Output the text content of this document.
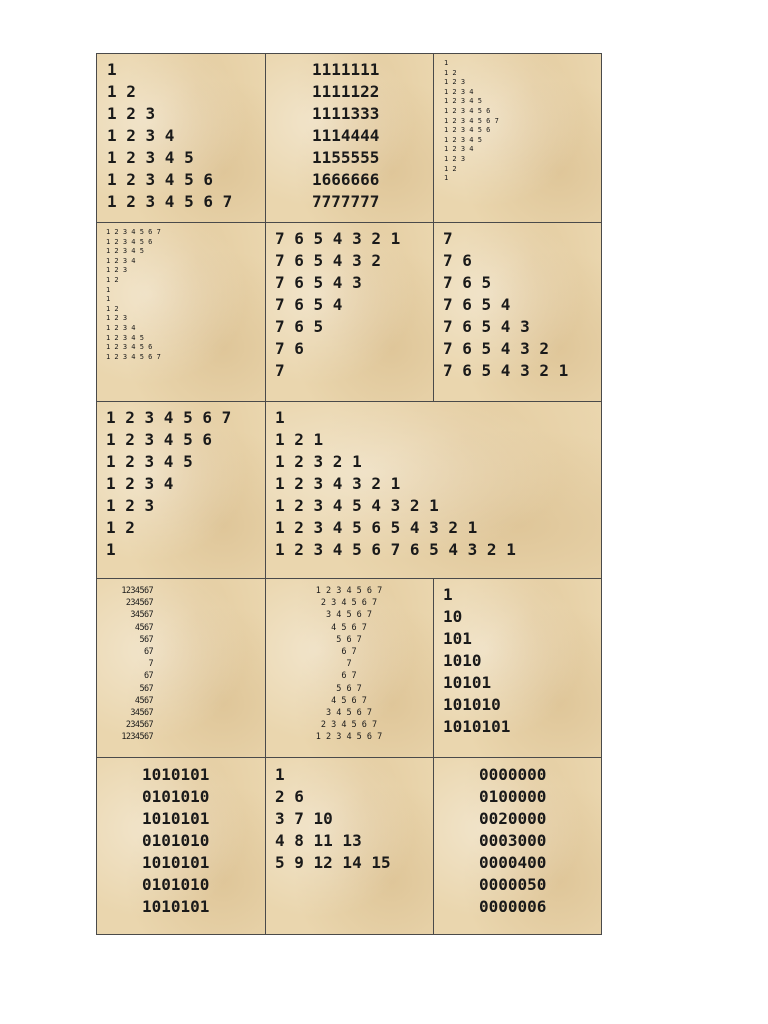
1
1 2
1 2 3
1 2 3 4
1 2 3 4 5
1 2 3 4 5 6
1 2 3 4 5 6 7
1111111
1111122
1111333
1114444
1155555
1666666
7777777
1
1 2
1 2 3
1 2 3 4
1 2 3 4 5
1 2 3 4 5 6
1 2 3 4 5 6 7
1 2 3 4 5 6
1 2 3 4 5
1 2 3 4
1 2 3
1 2
1
1 2 3 4 5 6 7
1 2 3 4 5 6
1 2 3 4 5
1 2 3 4
1 2 3
1 2
1
1
1 2
1 2 3
1 2 3 4
1 2 3 4 5
1 2 3 4 5 6
1 2 3 4 5 6 7
7 6 5 4 3 2 1
7 6 5 4 3 2
7 6 5 4 3
7 6 5 4
7 6 5
7 6
7
7
7 6
7 6 5
7 6 5 4
7 6 5 4 3
7 6 5 4 3 2
7 6 5 4 3 2 1
1 2 3 4 5 6 7
1 2 3 4 5 6
1 2 3 4 5
1 2 3 4
1 2 3
1 2
1
1
1 2 1
1 2 3 2 1
1 2 3 4 3 2 1
1 2 3 4 5 4 3 2 1
1 2 3 4 5 6 5 4 3 2 1
1 2 3 4 5 6 7 6 5 4 3 2 1
1234567
234567
34567
4567
567
67
7
67
567
4567
34567
234567
1234567
1 2 3 4 5 6 7
2 3 4 5 6 7
3 4 5 6 7
4 5 6 7
5 6 7
6 7
7
6 7
5 6 7
4 5 6 7
3 4 5 6 7
2 3 4 5 6 7
1 2 3 4 5 6 7
1
10
101
1010
10101
101010
1010101
1010101
0101010
1010101
0101010
1010101
0101010
1010101
1
2 6
3 7 10
4 8 11 13
5 9 12 14 15
0000000
0100000
0020000
0003000
0000400
0000050
0000006
